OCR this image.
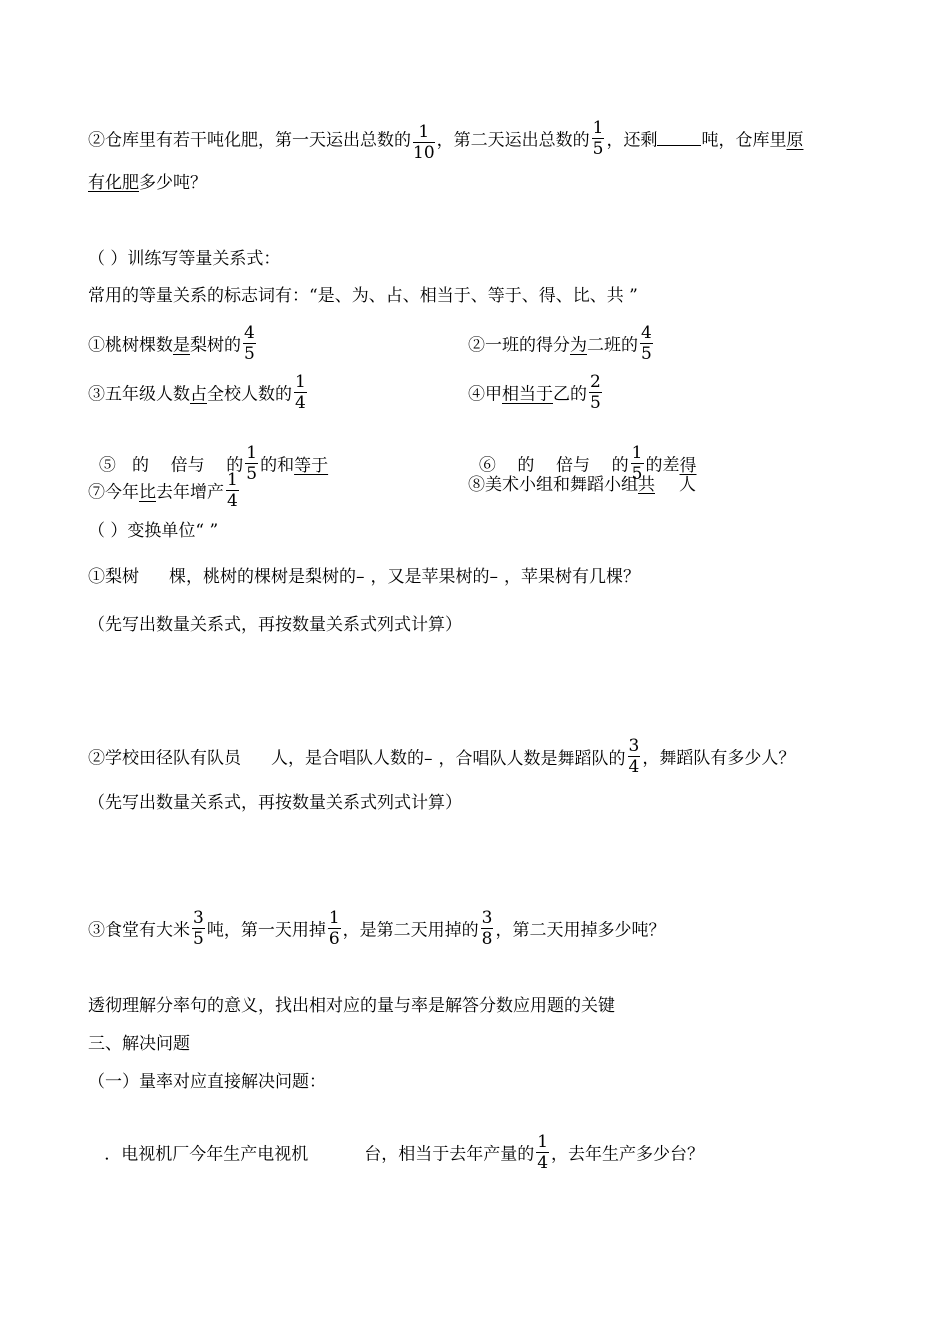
②仓库里有若干吨化肥，第一天运出总数的 $\frac{1}{10}$ ，第二天运出总数的 $\frac{1}{5}$ ，还剩	吨，仓库里原
有化肥多少吨？
（ ）训练写等量关系式：
常用的等量关系的标志词有：“是、为、占、相当于、等于、得、比、共 ”
①桃树棵数是梨树的 $\frac{4}{5}$	②一班的得分为二班的 $\frac{4}{5}$
③五年级人数占全校人数的 $\frac{1}{4}$	④甲相当于乙的 $\frac{2}{5}$

⑤   的    倍与    的 $\frac{1}{5}$ 的和等于	⑥    的    倍与    的 $\frac{1}{5}$ 的差得

⑦今年比去年增产 $\frac{1}{4}$	⑧美术小组和舞蹈小组共 人
（ ）变换单位“ ”
①梨树 棵，桃树的棵树是梨树的– ，又是苹果树的– ，苹果树有几棵？
（先写出数量关系式，再按数量关系式列式计算）
②学校田径队有队员 人，是合唱队人数的– ，合唱队人数是舞蹈队的 $\frac{3}{4}$ ，舞蹈队有多少人？
（先写出数量关系式，再按数量关系式列式计算）
③食堂有大米 $\frac{3}{5}$ 吨，第一天用掉 $\frac{1}{6}$ ，是第二天用掉的 $\frac{3}{8}$ ，第二天用掉多少吨？
透彻理解分率句的意义，找出相对应的量与率是解答分数应用题的关键
三、解决问题
（一）量率对应直接解决问题：

．电视机厂今年生产电视机	台，相当于去年产量的 $\frac{1}{4}$ ，去年生产多少台？
